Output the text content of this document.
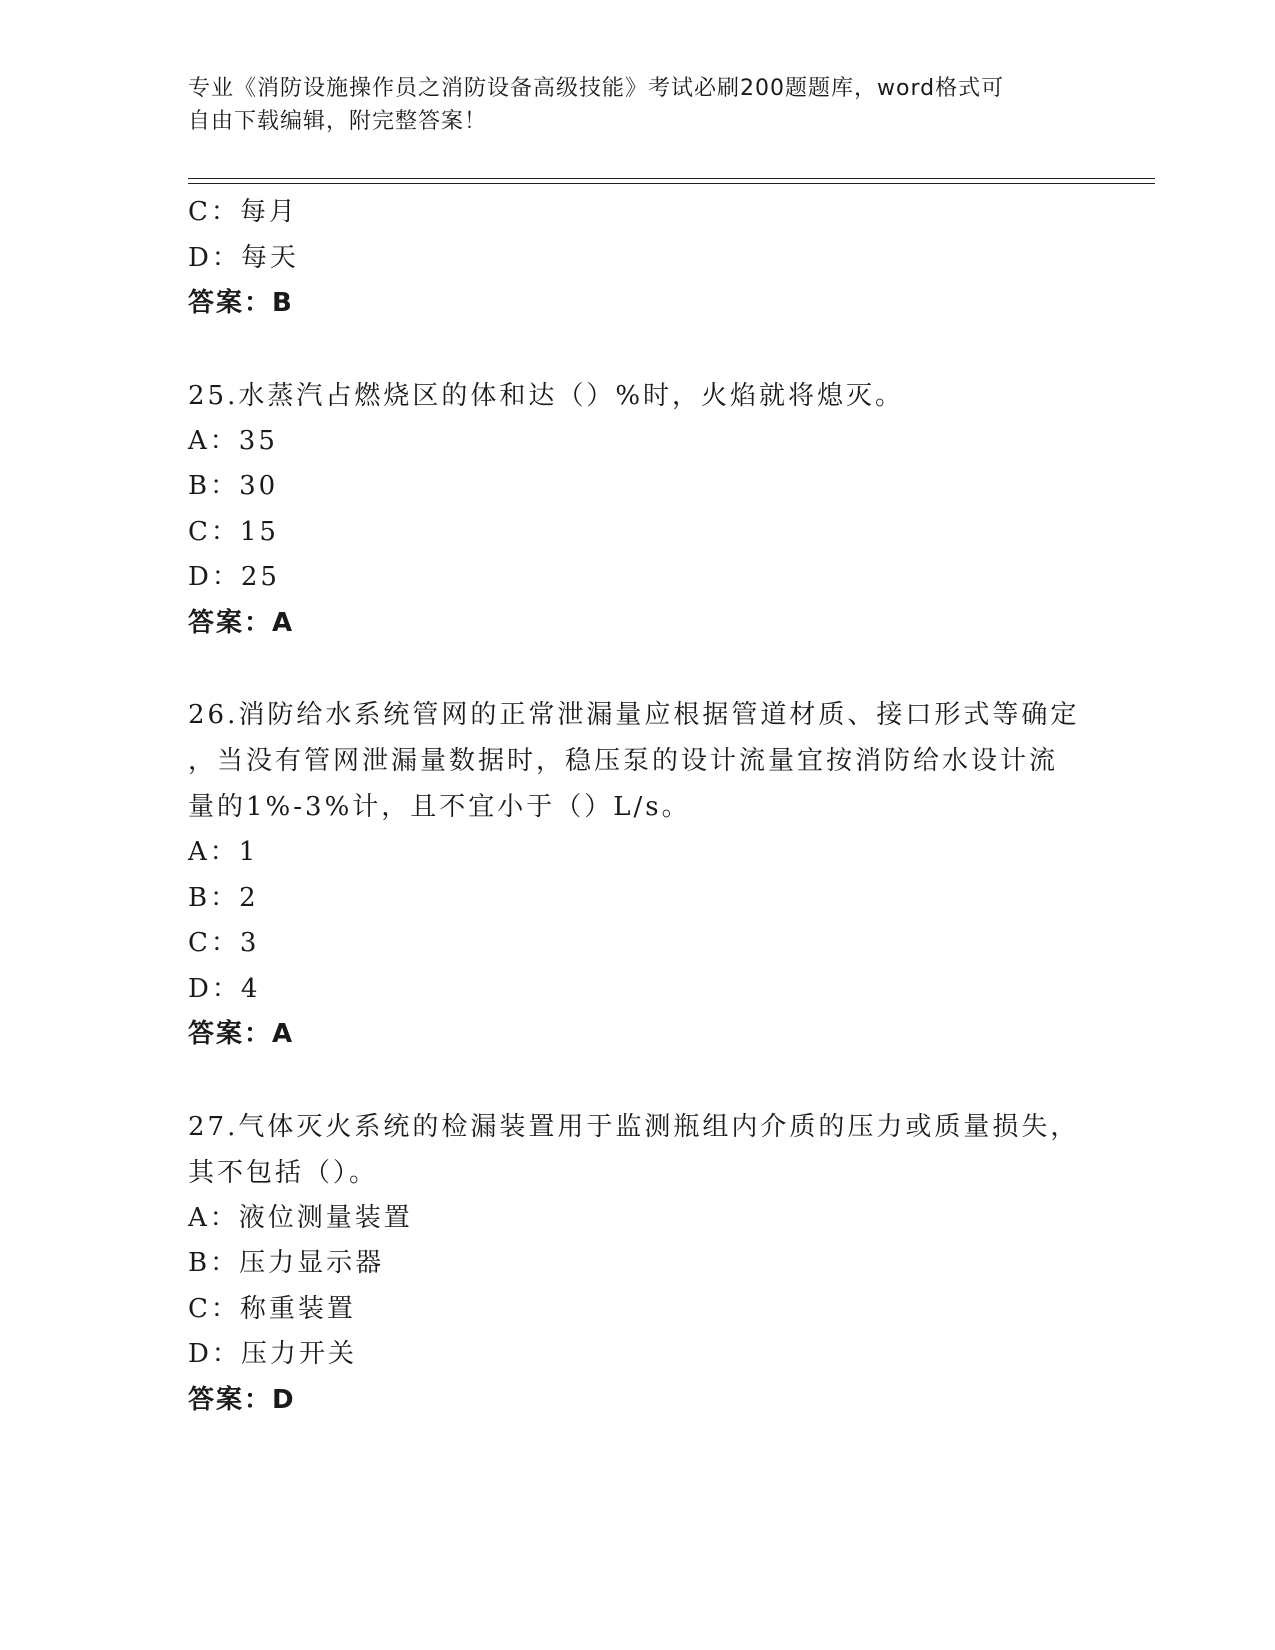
专业《消防设施操作员之消防设备高级技能》考试必刷200题题库，word格式可
自由下载编辑，附完整答案！
C：每月
D：每天
答案：B
25.水蒸汽占燃烧区的体和达（）%时，火焰就将熄灭。
A：35
B：30
C：15
D：25
答案：A
26.消防给水系统管网的正常泄漏量应根据管道材质、接口形式等确定
，当没有管网泄漏量数据时，稳压泵的设计流量宜按消防给水设计流
量的1%-3%计，且不宜小于（）L/s。
A：1
B：2
C：3
D：4
答案：A
27.气体灭火系统的检漏装置用于监测瓶组内介质的压力或质量损失，
其不包括（）。
A：液位测量装置
B：压力显示器
C：称重装置
D：压力开关
答案：D
